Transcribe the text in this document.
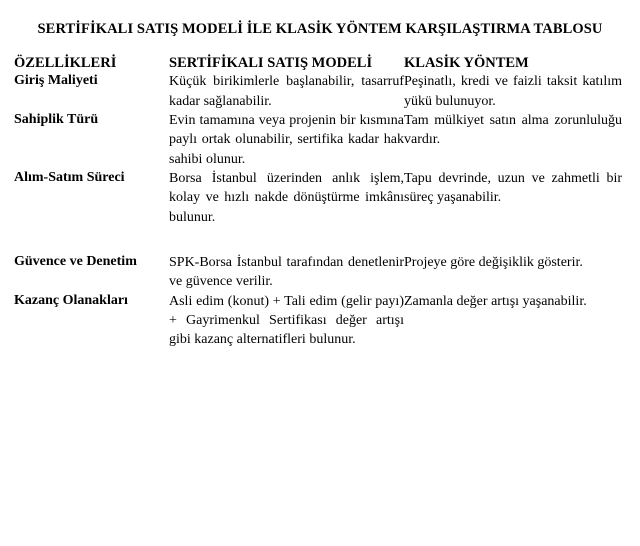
SERTİFİKALI SATIŞ MODELİ İLE KLASİK YÖNTEM KARŞILAŞTIRMA TABLOSU
ÖZELLİKLERİ	SERTİFİKALI SATIŞ MODELİ	KLASİK YÖNTEM
Giriş Maliyeti	Küçük birikimlerle başlanabilir, tasarruf kadar sağlanabilir.	Peşinatlı, kredi ve faizli taksit katılım yükü bulunuyor.
Sahiplik Türü	Evin tamamına veya projenin bir kısmına paylı ortak olunabilir, sertifika kadar hak sahibi olunur.	Tam mülkiyet satın alma zorunluluğu vardır.
Alım-Satım Süreci	Borsa İstanbul üzerinden anlık işlem, kolay ve hızlı nakde dönüştürme imkânı bulunur.	Tapu devrinde, uzun ve zahmetli bir süreç yaşanabilir.

Güvence ve Denetim	SPK-Borsa İstanbul tarafından denetlenir ve güvence verilir.	Projeye göre değişiklik gösterir.
Kazanç Olanakları	Asli edim (konut) + Tali edim (gelir payı) + Gayrimenkul Sertifikası değer artışı gibi kazanç alternatifleri bulunur.	Zamanla değer artışı yaşanabilir.
